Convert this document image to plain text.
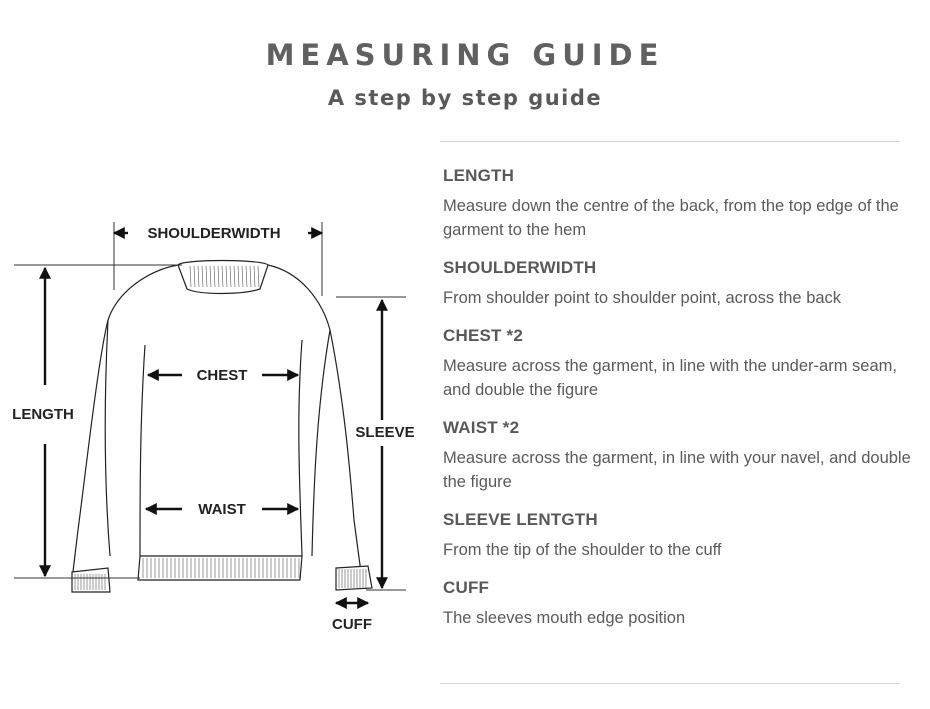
MEASURING GUIDE
A step by step guide
SHOULDERWIDTH
CHEST
WAIST
LENGTH
SLEEVE
CUFF
LENGTH

Measure down the centre of the back, from the top edge of the garment to the hem

SHOULDERWIDTH

From shoulder point to shoulder point, across the back

CHEST *2

Measure across the garment, in line with the under-arm seam, and double the figure

WAIST *2

Measure across the garment, in line with your navel, and double the figure

SLEEVE LENTGTH

From the tip of the shoulder to the cuff

CUFF

The sleeves mouth edge position
